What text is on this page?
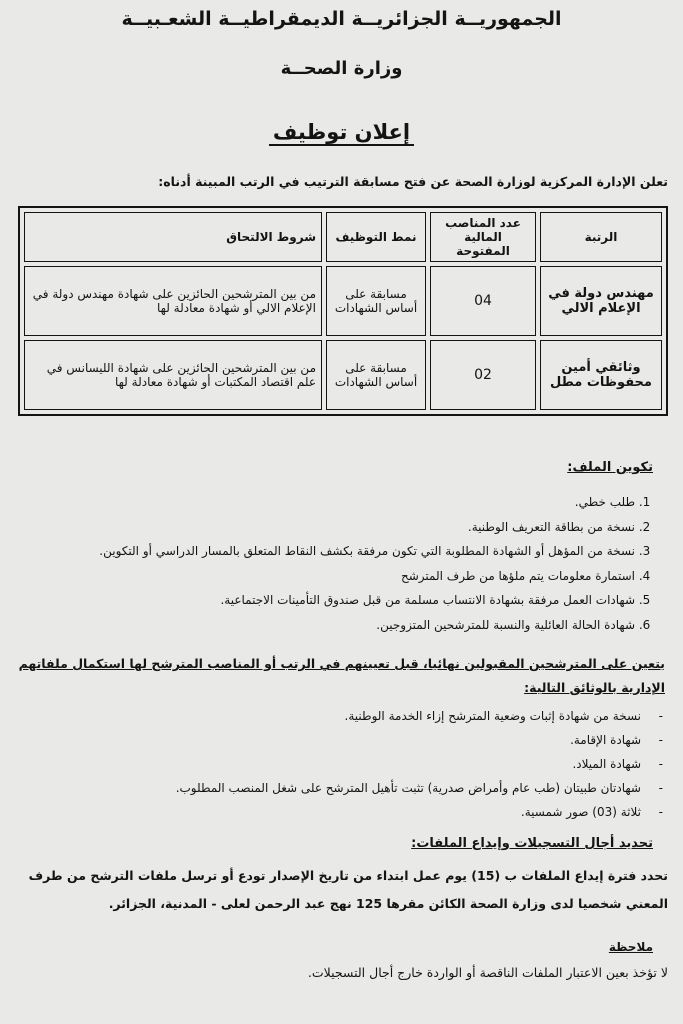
الجمهوريــة الجزائريــة الديمقراطيــة الشعـبيــة
وزارة الصحــة
إعلان توظيف
تعلن الإدارة المركزية لوزارة الصحة عن فتح مسابقة الترتيب في الرتب المبينة أدناه:
الرتبة	عدد المناصب المالية المفتوحة	نمط التوظيف	شروط الالتحاق
مهندس دولة في الإعلام الالي	04	مسابقة على أساس الشهادات	من بين المترشحين الحائزين على شهادة مهندس دولة في الإعلام الالي أو شهادة معادلة لها
وثائقي أمين محفوظات مطل	02	مسابقة على أساس الشهادات	من بين المترشحين الحائزين على شهادة الليسانس في علم اقتصاد المكتبات أو شهادة معادلة لها
تكوين الملف:
1. طلب خطي.
2. نسخة من بطاقة التعريف الوطنية.
3. نسخة من المؤهل أو الشهادة المطلوبة التي تكون مرفقة بكشف النقاط المتعلق بالمسار الدراسي أو التكوين.
4. استمارة معلومات يتم ملؤها من طرف المترشح
5. شهادات العمل مرفقة بشهادة الانتساب مسلمة من قبل صندوق التأمينات الاجتماعية.
6. شهادة الحالة العائلية والنسبة للمترشحين المتزوجين.
يتعين على المترشحين المقبولين نهائيا، قبل تعيينهم في الرتب أو المناصب المترشح لها استكمال ملفاتهم الإدارية بالوثائق التالية:
- نسخة من شهادة إثبات وضعية المترشح إزاء الخدمة الوطنية.
- شهادة الإقامة.
- شهادة الميلاد.
- شهادتان طبيتان (طب عام وأمراض صدرية) تثبت تأهيل المترشح على شغل المنصب المطلوب.
- ثلاثة (03) صور شمسية.
تحديد أجال التسجيلات وإيداع الملفات:
تحدد فترة إيداع الملفات ب (15) يوم عمل ابتداء من تاريخ الإصدار تودع أو ترسل ملفات الترشح من طرف المعني شخصيا لدى وزارة الصحة الكائن مقرها 125 نهج عبد الرحمن لعلى - المدنية، الجزائر.
ملاحظة
لا تؤخذ بعين الاعتبار الملفات الناقصة أو الواردة خارج أجال التسجيلات.
